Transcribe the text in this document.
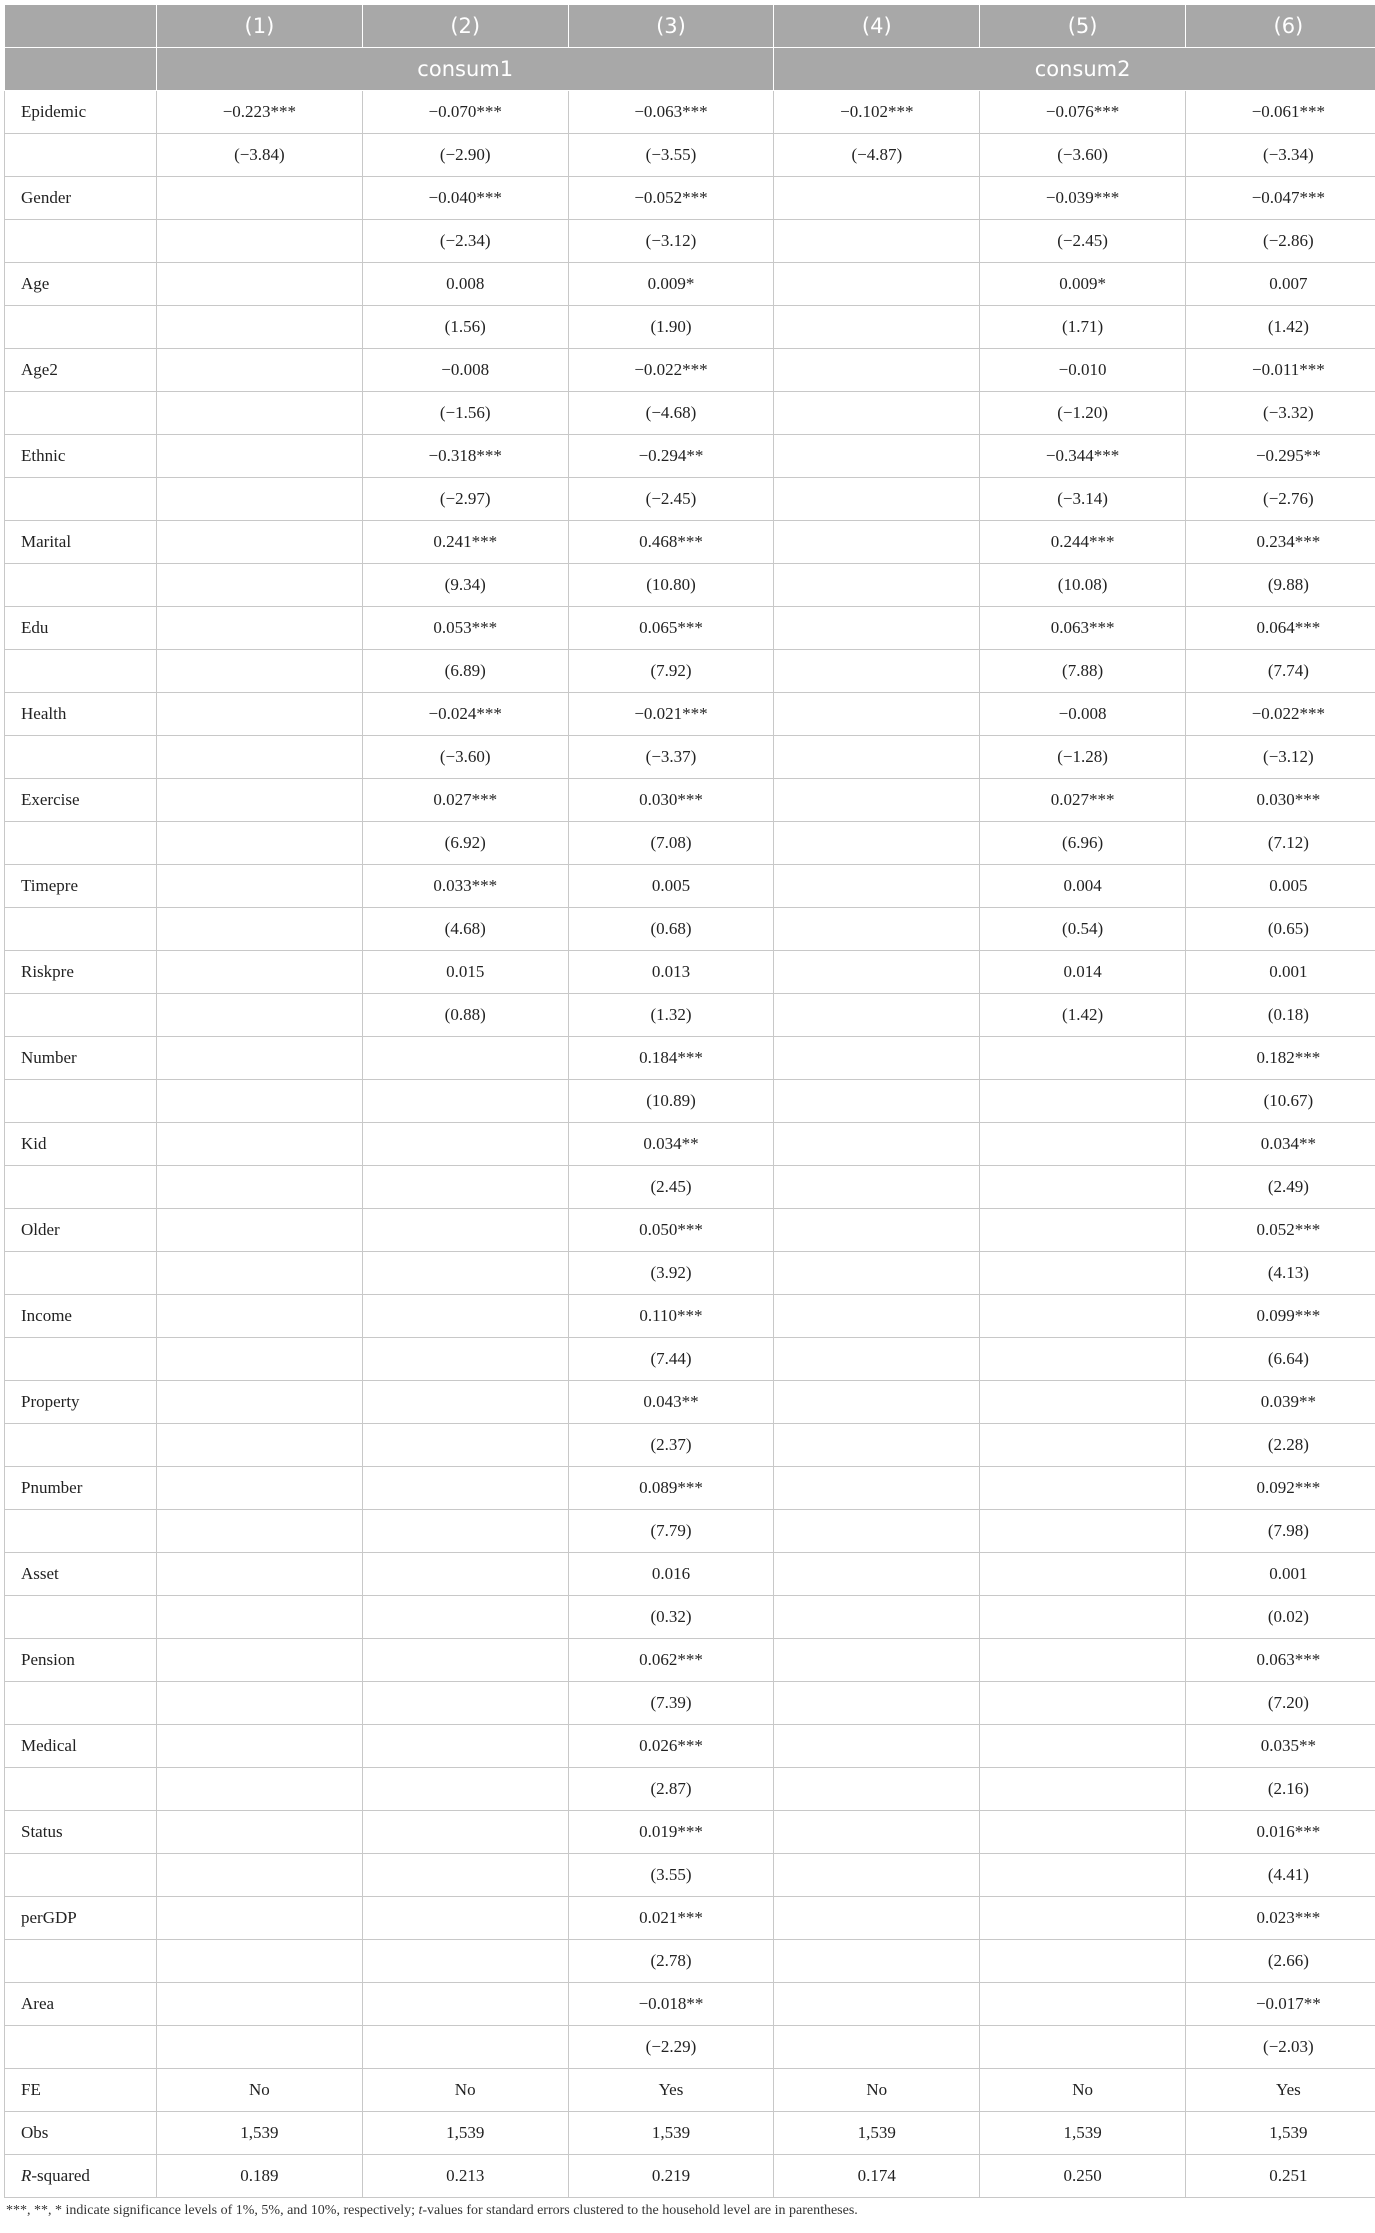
	(1)	(2)	(3)	(4)	(5)	(6)
	consum1			consum2		
Epidemic	−0.223***	−0.070***	−0.063***	−0.102***	−0.076***	−0.061***
	(−3.84)	(−2.90)	(−3.55)	(−4.87)	(−3.60)	(−3.34)
Gender		−0.040***	−0.052***		−0.039***	−0.047***
		(−2.34)	(−3.12)		(−2.45)	(−2.86)
Age		0.008	0.009*		0.009*	0.007
		(1.56)	(1.90)		(1.71)	(1.42)
Age2		−0.008	−0.022***		−0.010	−0.011***
		(−1.56)	(−4.68)		(−1.20)	(−3.32)
Ethnic		−0.318***	−0.294**		−0.344***	−0.295**
		(−2.97)	(−2.45)		(−3.14)	(−2.76)
Marital		0.241***	0.468***		0.244***	0.234***
		(9.34)	(10.80)		(10.08)	(9.88)
Edu		0.053***	0.065***		0.063***	0.064***
		(6.89)	(7.92)		(7.88)	(7.74)
Health		−0.024***	−0.021***		−0.008	−0.022***
		(−3.60)	(−3.37)		(−1.28)	(−3.12)
Exercise		0.027***	0.030***		0.027***	0.030***
		(6.92)	(7.08)		(6.96)	(7.12)
Timepre		0.033***	0.005		0.004	0.005
		(4.68)	(0.68)		(0.54)	(0.65)
Riskpre		0.015	0.013		0.014	0.001
		(0.88)	(1.32)		(1.42)	(0.18)
Number			0.184***			0.182***
			(10.89)			(10.67)
Kid			0.034**			0.034**
			(2.45)			(2.49)
Older			0.050***			0.052***
			(3.92)			(4.13)
Income			0.110***			0.099***
			(7.44)			(6.64)
Property			0.043**			0.039**
			(2.37)			(2.28)
Pnumber			0.089***			0.092***
			(7.79)			(7.98)
Asset			0.016			0.001
			(0.32)			(0.02)
Pension			0.062***			0.063***
			(7.39)			(7.20)
Medical			0.026***			0.035**
			(2.87)			(2.16)
Status			0.019***			0.016***
			(3.55)			(4.41)
perGDP			0.021***			0.023***
			(2.78)			(2.66)
Area			−0.018**			−0.017**
			(−2.29)			(−2.03)
FE	No	No	Yes	No	No	Yes
Obs	1,539	1,539	1,539	1,539	1,539	1,539
R-squared	0.189	0.213	0.219	0.174	0.250	0.251
***, **, * indicate significance levels of 1%, 5%, and 10%, respectively; t-values for standard errors clustered to the household level are in parentheses.
